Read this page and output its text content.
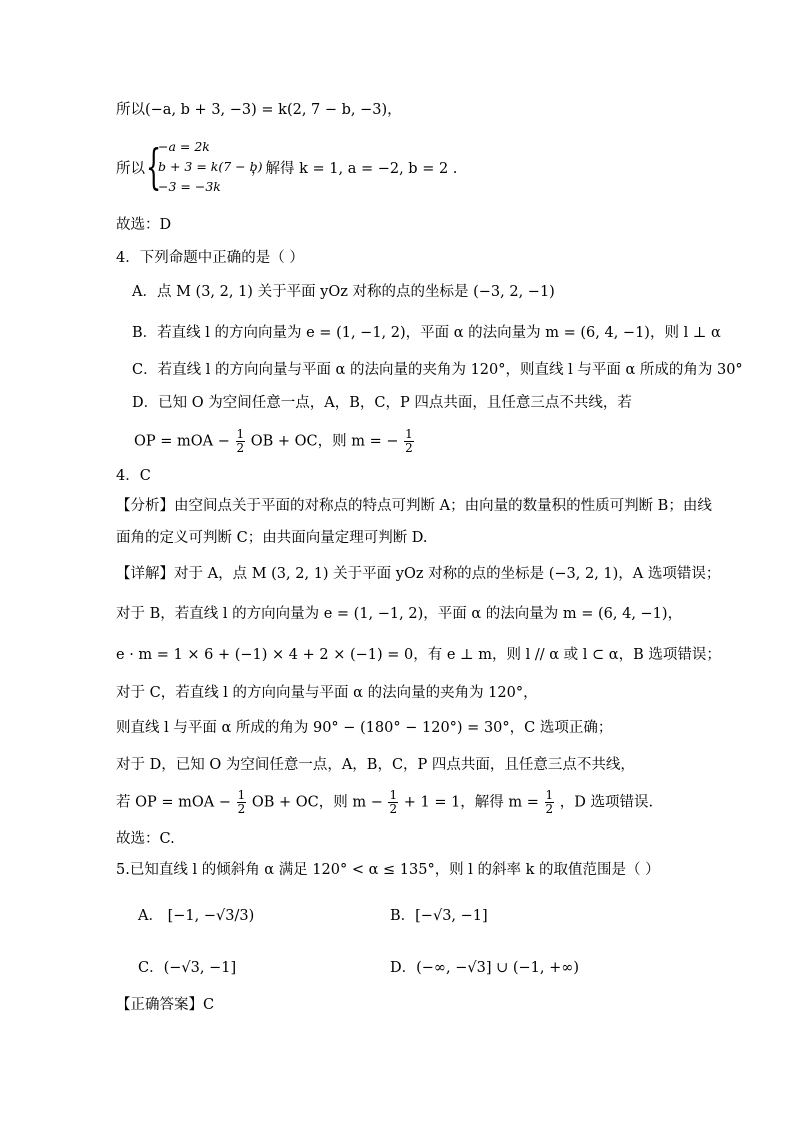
所以(−a, b + 3, −3) = k(2, 7 − b, −3)，
所以 {
−a = 2k
b + 3 = k(7 − b)
−3 = −3k
，解得 k = 1, a = −2, b = 2 .
故选：D
4．下列命题中正确的是（ ）
A．点 M (3, 2, 1) 关于平面 yOz 对称的点的坐标是 (−3, 2, −1)
B．若直线 l 的方向向量为 e = (1, −1, 2)，平面 α 的法向量为 m = (6, 4, −1)，则 l ⊥ α
C．若直线 l 的方向向量与平面 α 的法向量的夹角为 120°，则直线 l 与平面 α 所成的角为 30°
D．已知 O 为空间任意一点，A，B，C，P 四点共面，且任意三点不共线，若
OP = mOA − $\frac{1}{2}$ OB + OC，则 m = − $\frac{1}{2}$
4．C
【分析】由空间点关于平面的对称点的特点可判断 A；由向量的数量积的性质可判断 B；由线
面角的定义可判断 C；由共面向量定理可判断 D.
【详解】对于 A，点 M (3, 2, 1) 关于平面 yOz 对称的点的坐标是 (−3, 2, 1)，A 选项错误；
对于 B，若直线 l 的方向向量为 e = (1, −1, 2)，平面 α 的法向量为 m = (6, 4, −1)，
e · m = 1 × 6 + (−1) × 4 + 2 × (−1) = 0，有 e ⊥ m，则 l // α 或 l ⊂ α，B 选项错误；
对于 C，若直线 l 的方向向量与平面 α 的法向量的夹角为 120°，
则直线 l 与平面 α 所成的角为 90° − (180° − 120°) = 30°，C 选项正确；
对于 D，已知 O 为空间任意一点，A，B，C，P 四点共面，且任意三点不共线，
若 OP = mOA − $\frac{1}{2}$ OB + OC，则 $m - \frac{1}{2} + 1 = 1$，解得 $m = \frac{1}{2}$ ，D 选项错误.
故选：C.
5.已知直线 l 的倾斜角 α 满足 120° < α ≤ 135°，则 l 的斜率 k 的取值范围是（ ）
A． [−1, −√3/3)	B．[−√3, −1]
C．(−√3, −1]	D．(−∞, −√3] ∪ (−1, +∞)
【正确答案】C
